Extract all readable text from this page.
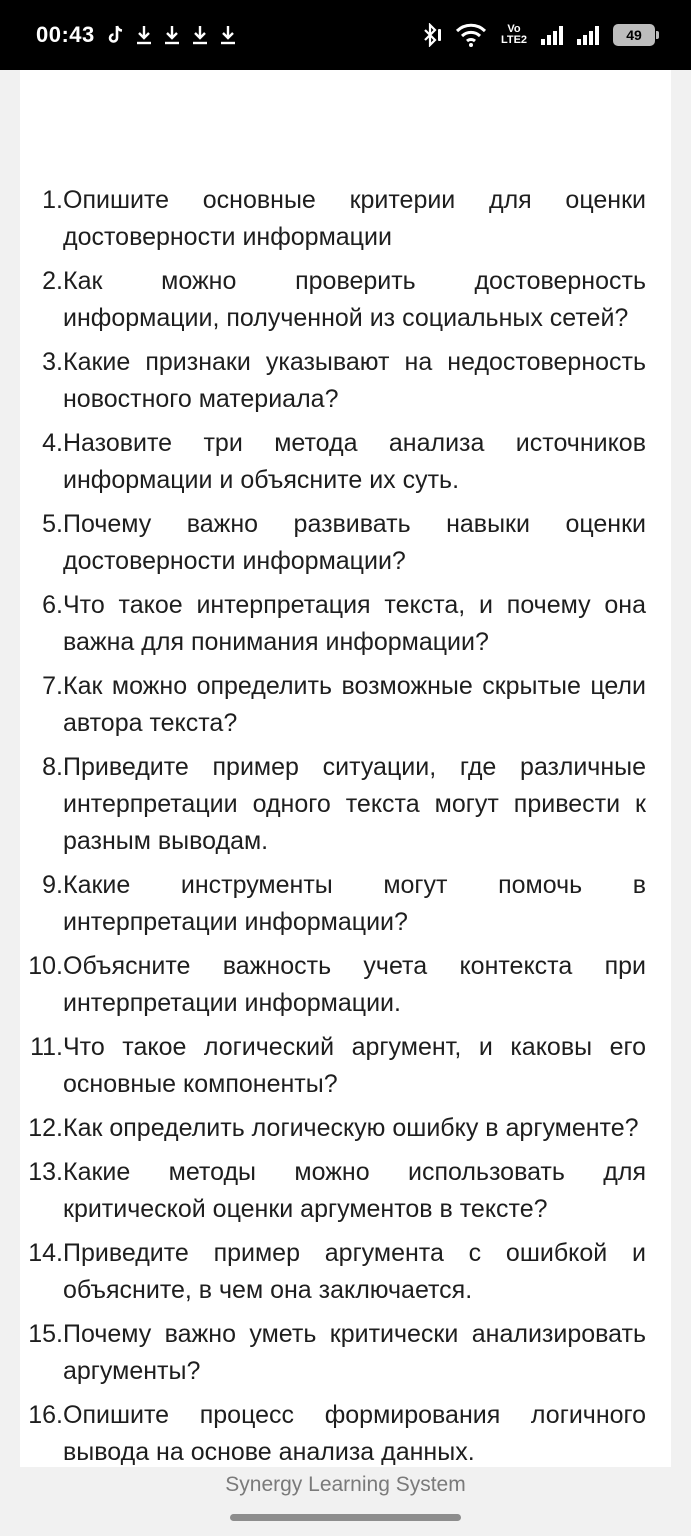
00:43	Vo LTE2	49
1. Опишите основные критерии для оценки достоверности информации
2. Как можно проверить достоверность информации, полученной из социальных сетей?
3. Какие признаки указывают на недостоверность новостного материала?
4. Назовите три метода анализа источников информации и объясните их суть.
5. Почему важно развивать навыки оценки достоверности информации?
6. Что такое интерпретация текста, и почему она важна для понимания информации?
7. Как можно определить возможные скрытые цели автора текста?
8. Приведите пример ситуации, где различные интерпретации одного текста могут привести к разным выводам.
9. Какие инструменты могут помочь в интерпретации информации?
10. Объясните важность учета контекста при интерпретации информации.
11. Что такое логический аргумент, и каковы его основные компоненты?
12. Как определить логическую ошибку в аргументе?
13. Какие методы можно использовать для критической оценки аргументов в тексте?
14. Приведите пример аргумента с ошибкой и объясните, в чем она заключается.
15. Почему важно уметь критически анализировать аргументы?
16. Опишите процесс формирования логичного вывода на основе анализа данных.
Synergy Learning System
